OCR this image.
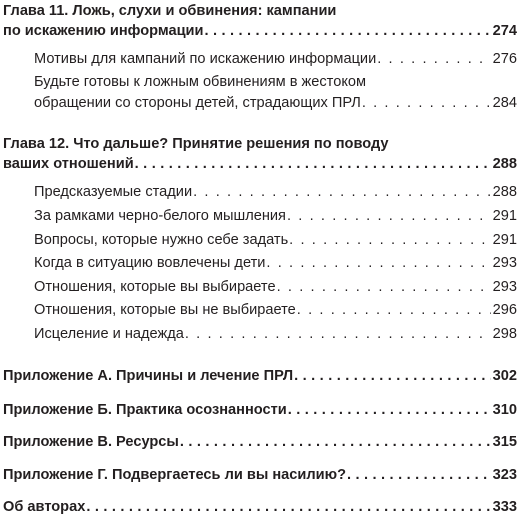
Глава 11. Ложь, слухи и обвинения: кампании
по искажению информации . . .	274
Мотивы для кампаний по искажению информации . . .	276
Будьте готовы к ложным обвинениям в жестоком
обращении со стороны детей, страдающих ПРЛ . . .	284
Глава 12. Что дальше? Принятие решения по поводу
ваших отношений . . .	288
Предсказуемые стадии . . .	288
За рамками черно-белого мышления . . .	291
Вопросы, которые нужно себе задать . . .	291
Когда в ситуацию вовлечены дети . . .	293
Отношения, которые вы выбираете . . .	293
Отношения, которые вы не выбираете . . .	296
Исцеление и надежда . . .	298
Приложение А. Причины и лечение ПРЛ . . .	302
Приложение Б. Практика осознанности . . .	310
Приложение В. Ресурсы . . .	315
Приложение Г. Подвергаетесь ли вы насилию? . . .	323
Об авторах . . .	333
